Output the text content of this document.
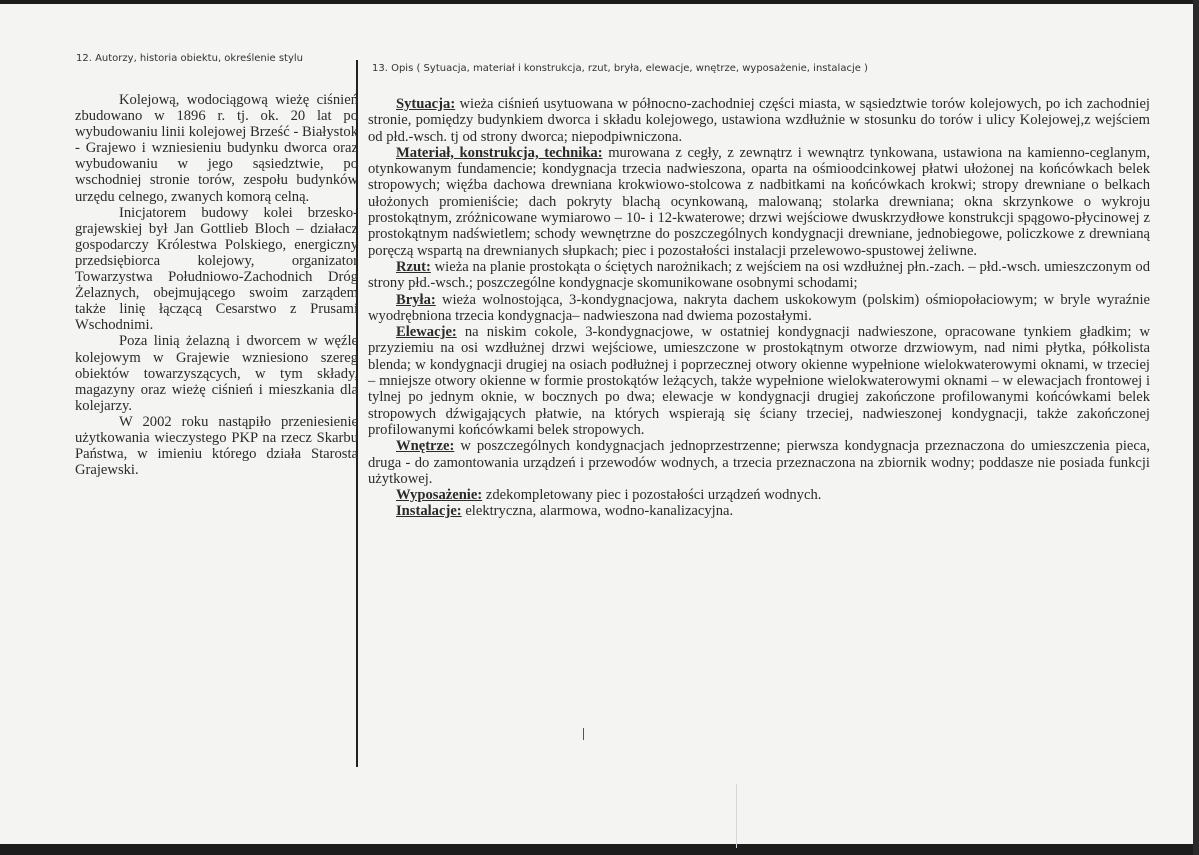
12. Autorzy, historia obiektu, określenie stylu
13. Opis ( Sytuacja, materiał i konstrukcja, rzut, bryła, elewacje, wnętrze, wyposażenie, instalacje )

Kolejową, wodociągową wieżę ciśnień zbudowano w 1896 r. tj. ok. 20 lat po wybudowaniu linii kolejowej Brześć - Białystok - Grajewo i wzniesieniu budynku dworca oraz wybudowaniu w jego sąsiedztwie, po wschodniej stronie torów, zespołu budynków urzędu celnego, zwanych komorą celną.

Inicjatorem budowy kolei brzesko-grajewskiej był Jan Gottlieb Bloch – działacz gospodarczy Królestwa Polskiego, energiczny przedsiębiorca kolejowy, organizator Towarzystwa Południowo-Zachodnich Dróg Żelaznych, obejmującego swoim zarządem także linię łączącą Cesarstwo z Prusami Wschodnimi.

Poza linią żelazną i dworcem w węźle kolejowym w Grajewie wzniesiono szereg obiektów towarzyszących, w tym składy, magazyny oraz wieżę ciśnień i mieszkania dla kolejarzy.

W 2002 roku nastąpiło przeniesienie użytkowania wieczystego PKP na rzecz Skarbu Państwa, w imieniu którego działa Starosta Grajewski.

Sytuacja: wieża ciśnień usytuowana w północno-zachodniej części miasta, w sąsiedztwie torów kolejowych, po ich zachodniej stronie, pomiędzy budynkiem dworca i składu kolejowego, ustawiona wzdłużnie w stosunku do torów i ulicy Kolejowej,z wejściem od płd.-wsch. tj od strony dworca; niepodpiwniczona.

Materiał, konstrukcja, technika: murowana z cegły, z zewnątrz i wewnątrz tynkowana, ustawiona na kamienno-ceglanym, otynkowanym fundamencie; kondygnacja trzecia nadwieszona, oparta na ośmioodcinkowej płatwi ułożonej na końcówkach belek stropowych; więźba dachowa drewniana krokwiowo-stolcowa z nadbitkami na końcówkach krokwi; stropy drewniane o belkach ułożonych promieniście; dach pokryty blachą ocynkowaną, malowaną; stolarka drewniana; okna skrzynkowe o wykroju prostokątnym, zróżnicowane wymiarowo – 10- i 12-kwaterowe; drzwi wejściowe dwuskrzydłowe konstrukcji spągowo-płycinowej z prostokątnym nadświetlem; schody wewnętrzne do poszczególnych kondygnacji drewniane, jednobiegowe, policzkowe z drewnianą poręczą wspartą na drewnianych słupkach; piec i pozostałości instalacji przelewowo-spustowej żeliwne.

Rzut: wieża na planie prostokąta o ściętych narożnikach; z wejściem na osi wzdłużnej płn.-zach. – płd.-wsch. umieszczonym od strony płd.-wsch.; poszczególne kondygnacje skomunikowane osobnymi schodami;

Bryła: wieża wolnostojąca, 3-kondygnacjowa, nakryta dachem uskokowym (polskim) ośmiopołaciowym; w bryle wyraźnie wyodrębniona trzecia kondygnacja– nadwieszona nad dwiema pozostałymi.

Elewacje: na niskim cokole, 3-kondygnacjowe, w ostatniej kondygnacji nadwieszone, opracowane tynkiem gładkim; w przyziemiu na osi wzdłużnej drzwi wejściowe, umieszczone w prostokątnym otworze drzwiowym, nad nimi płytka, półkolista blenda; w kondygnacji drugiej na osiach podłużnej i poprzecznej otwory okienne wypełnione wielokwaterowymi oknami, w trzeciej – mniejsze otwory okienne w formie prostokątów leżących, także wypełnione wielokwaterowymi oknami – w elewacjach frontowej i tylnej po jednym oknie, w bocznych po dwa; elewacje w kondygnacji drugiej zakończone profilowanymi końcówkami belek stropowych dźwigających płatwie, na których wspierają się ściany trzeciej, nadwieszonej kondygnacji, także zakończonej profilowanymi końcówkami belek stropowych.

Wnętrze: w poszczególnych kondygnacjach jednoprzestrzenne; pierwsza kondygnacja przeznaczona do umieszczenia pieca, druga - do zamontowania urządzeń i przewodów wodnych, a trzecia przeznaczona na zbiornik wodny; poddasze nie posiada funkcji użytkowej.

Wyposażenie: zdekompletowany piec i pozostałości urządzeń wodnych.

Instalacje: elektryczna, alarmowa, wodno-kanalizacyjna.
